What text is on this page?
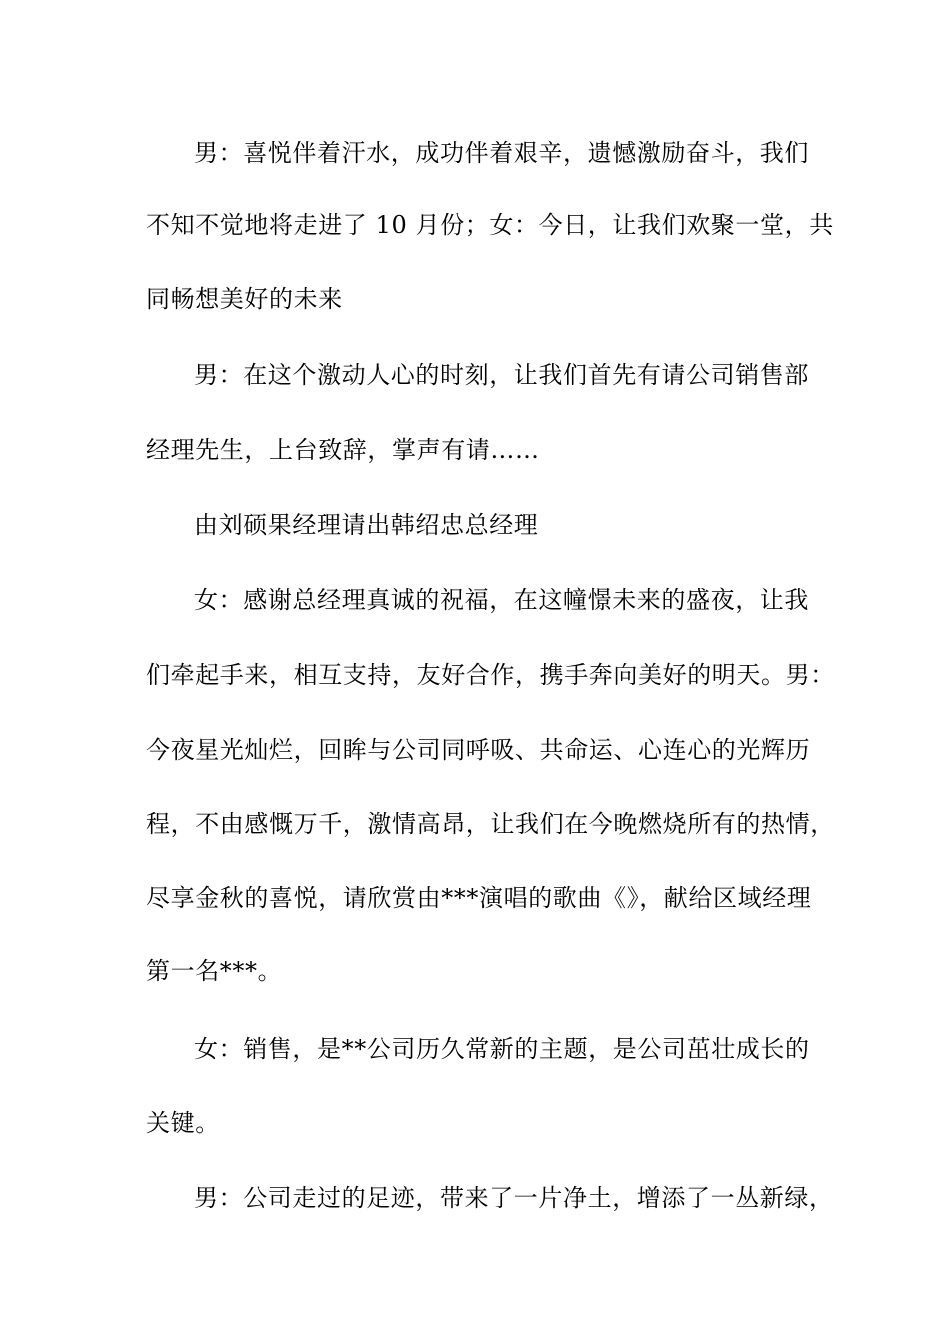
男：喜悦伴着汗水，成功伴着艰辛，遗憾激励奋斗，我们
不知不觉地将走进了 10 月份；女：今日，让我们欢聚一堂，共
同畅想美好的未来
男：在这个激动人心的时刻，让我们首先有请公司销售部
经理先生，上台致辞，掌声有请……
由刘硕果经理请出韩绍忠总经理
女：感谢总经理真诚的祝福，在这幢憬未来的盛夜，让我
们牵起手来，相互支持，友好合作，携手奔向美好的明天。男：
今夜星光灿烂，回眸与公司同呼吸、共命运、心连心的光辉历
程，不由感慨万千，激情高昂，让我们在今晚燃烧所有的热情，
尽享金秋的喜悦，请欣赏由***演唱的歌曲《》，献给区域经理
第一名***。
女：销售，是**公司历久常新的主题，是公司茁壮成长的
关键。
男：公司走过的足迹，带来了一片净土，增添了一丛新绿，
